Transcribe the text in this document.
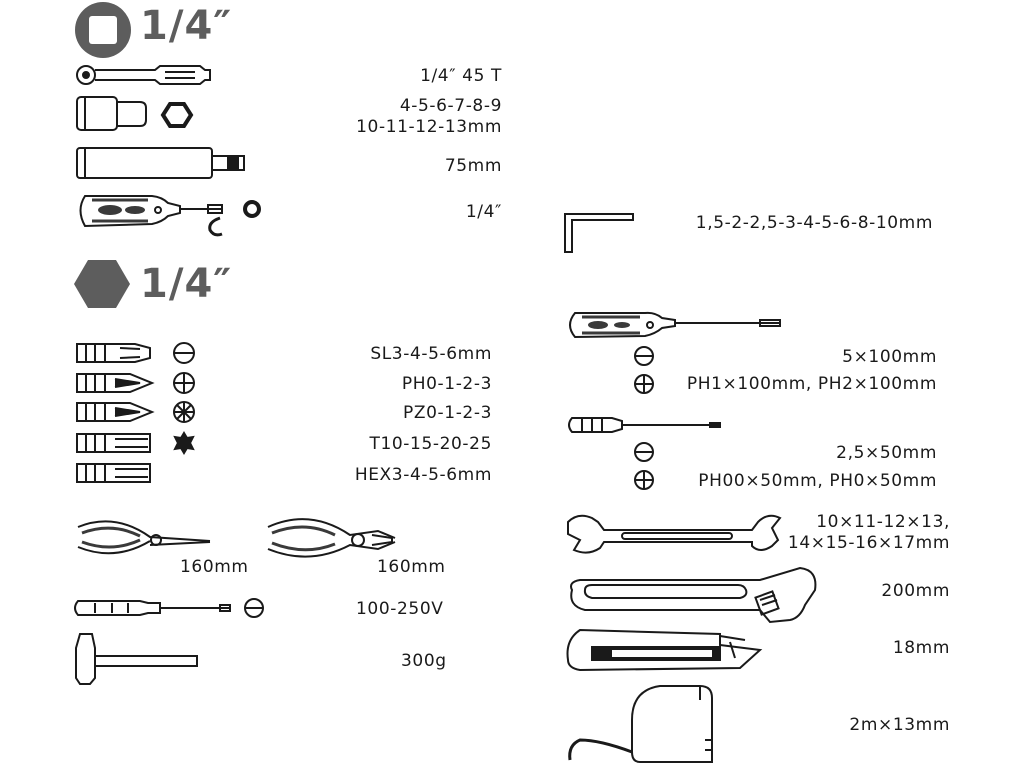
1/4″
1/4″
1/4″ 45 T
4-5-6-7-8-9
10-11-12-13mm
75mm
1/4″
SL3-4-5-6mm
PH0-1-2-3
PZ0-1-2-3
T10-15-20-25
HEX3-4-5-6mm
160mm	160mm
100-250V
300g
1,5-2-2,5-3-4-5-6-8-10mm
5×100mm
PH1×100mm, PH2×100mm
2,5×50mm
PH00×50mm, PH0×50mm
10×11-12×13,
14×15-16×17mm
200mm
18mm
2m×13mm
